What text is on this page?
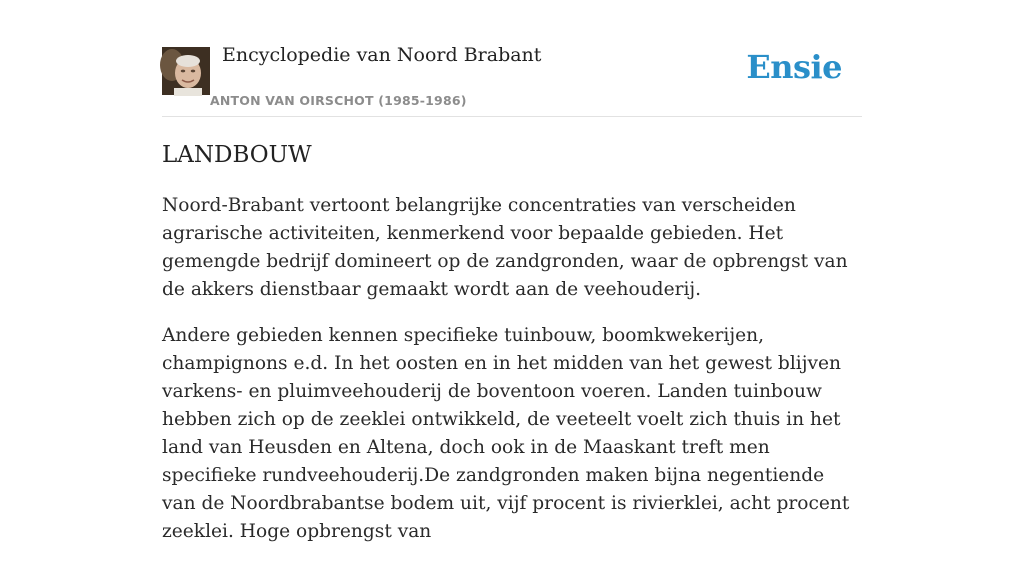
Encyclopedie van Noord Brabant
ANTON VAN OIRSCHOT (1985-1986)
Ensie
LANDBOUW

Noord-Brabant vertoont belangrijke concentraties van verscheiden agrarische activiteiten, kenmerkend voor bepaalde gebieden. Het gemengde bedrijf domineert op de zandgronden, waar de opbrengst van de akkers dienstbaar gemaakt wordt aan de veehouderij.

Andere gebieden kennen specifieke tuinbouw, boomkwekerijen, champignons e.d. In het oosten en in het midden van het gewest blijven varkens- en pluimveehouderij de boventoon voeren. Landen tuinbouw hebben zich op de zeeklei ontwikkeld, de veeteelt voelt zich thuis in het land van Heusden en Altena, doch ook in de Maaskant treft men specifieke rundveehouderij.De zandgronden maken bijna negentiende van de Noordbrabantse bodem uit, vijf procent is rivierklei, acht procent zeeklei. Hoge opbrengst van
